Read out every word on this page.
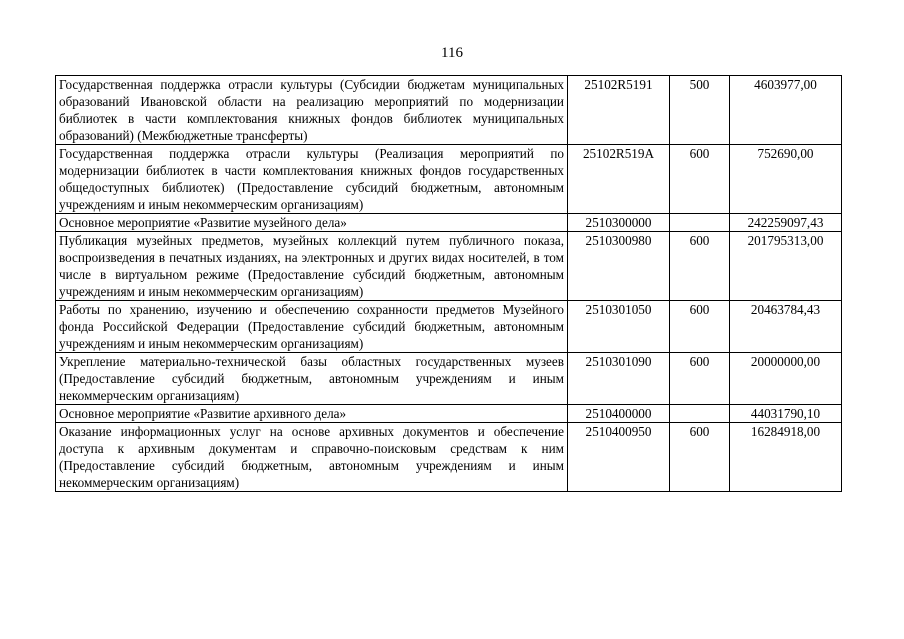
116
Государственная поддержка отрасли культуры (Субсидии бюджетам муниципальных образований Ивановской области на реализацию мероприятий по модернизации библиотек в части комплектования книжных фондов библиотек муниципальных образований) (Межбюджетные трансферты)	25102R5191	500	4603977,00
Государственная поддержка отрасли культуры (Реализация мероприятий по модернизации библиотек в части комплектования книжных фондов государственных общедоступных библиотек) (Предоставление субсидий бюджетным, автономным учреждениям и иным некоммерческим организациям)	25102R519A	600	752690,00
Основное мероприятие «Развитие музейного дела»	2510300000		242259097,43
Публикация музейных предметов, музейных коллекций путем публичного показа, воспроизведения в печатных изданиях, на электронных и других видах носителей, в том числе в виртуальном режиме (Предоставление субсидий бюджетным, автономным учреждениям и иным некоммерческим организациям)	2510300980	600	201795313,00
Работы по хранению, изучению и обеспечению сохранности предметов Музейного фонда Российской Федерации (Предоставление субсидий бюджетным, автономным учреждениям и иным некоммерческим организациям)	2510301050	600	20463784,43
Укрепление материально-технической базы областных государственных музеев (Предоставление субсидий бюджетным, автономным учреждениям и иным некоммерческим организациям)	2510301090	600	20000000,00
Основное мероприятие «Развитие архивного дела»	2510400000		44031790,10
Оказание информационных услуг на основе архивных документов и обеспечение доступа к архивным документам и справочно-поисковым средствам к ним (Предоставление субсидий бюджетным, автономным учреждениям и иным некоммерческим организациям)	2510400950	600	16284918,00
